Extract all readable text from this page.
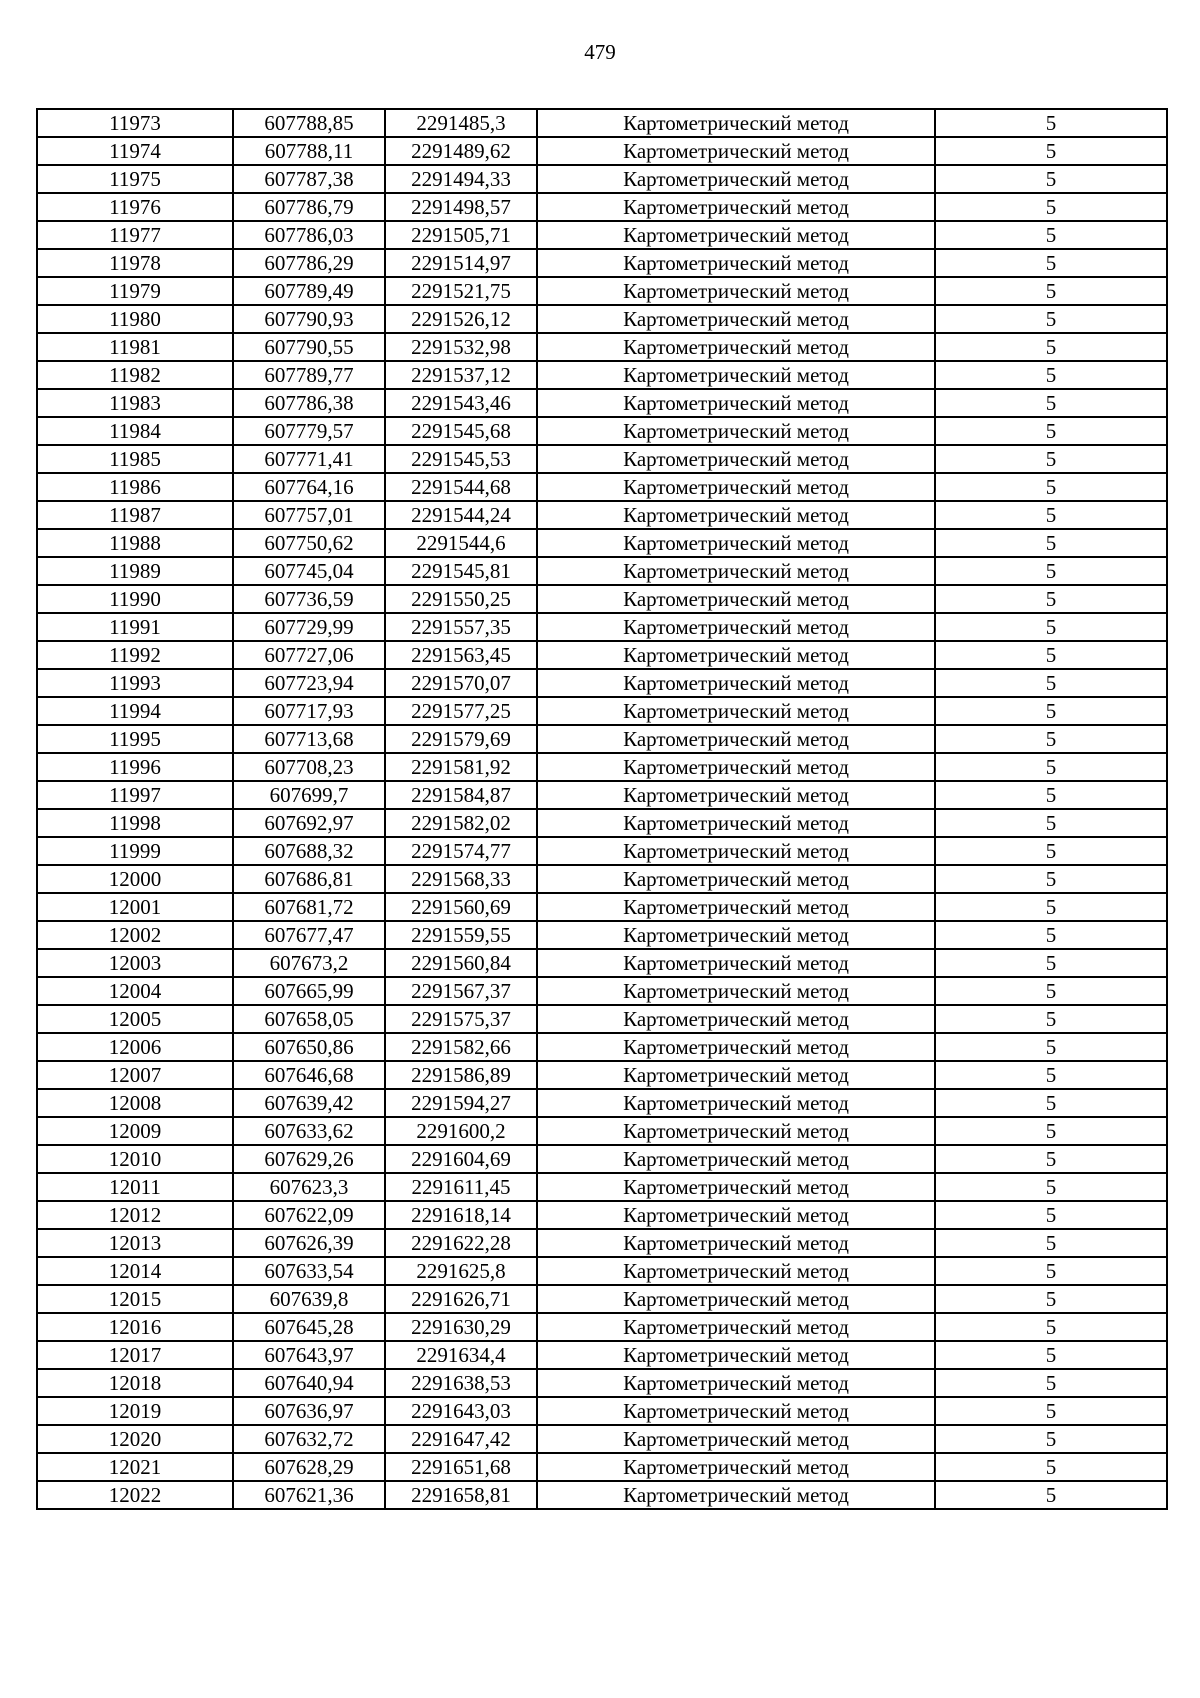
479
11973	607788,85	2291485,3	Картометрический метод	5
11974	607788,11	2291489,62	Картометрический метод	5
11975	607787,38	2291494,33	Картометрический метод	5
11976	607786,79	2291498,57	Картометрический метод	5
11977	607786,03	2291505,71	Картометрический метод	5
11978	607786,29	2291514,97	Картометрический метод	5
11979	607789,49	2291521,75	Картометрический метод	5
11980	607790,93	2291526,12	Картометрический метод	5
11981	607790,55	2291532,98	Картометрический метод	5
11982	607789,77	2291537,12	Картометрический метод	5
11983	607786,38	2291543,46	Картометрический метод	5
11984	607779,57	2291545,68	Картометрический метод	5
11985	607771,41	2291545,53	Картометрический метод	5
11986	607764,16	2291544,68	Картометрический метод	5
11987	607757,01	2291544,24	Картометрический метод	5
11988	607750,62	2291544,6	Картометрический метод	5
11989	607745,04	2291545,81	Картометрический метод	5
11990	607736,59	2291550,25	Картометрический метод	5
11991	607729,99	2291557,35	Картометрический метод	5
11992	607727,06	2291563,45	Картометрический метод	5
11993	607723,94	2291570,07	Картометрический метод	5
11994	607717,93	2291577,25	Картометрический метод	5
11995	607713,68	2291579,69	Картометрический метод	5
11996	607708,23	2291581,92	Картометрический метод	5
11997	607699,7	2291584,87	Картометрический метод	5
11998	607692,97	2291582,02	Картометрический метод	5
11999	607688,32	2291574,77	Картометрический метод	5
12000	607686,81	2291568,33	Картометрический метод	5
12001	607681,72	2291560,69	Картометрический метод	5
12002	607677,47	2291559,55	Картометрический метод	5
12003	607673,2	2291560,84	Картометрический метод	5
12004	607665,99	2291567,37	Картометрический метод	5
12005	607658,05	2291575,37	Картометрический метод	5
12006	607650,86	2291582,66	Картометрический метод	5
12007	607646,68	2291586,89	Картометрический метод	5
12008	607639,42	2291594,27	Картометрический метод	5
12009	607633,62	2291600,2	Картометрический метод	5
12010	607629,26	2291604,69	Картометрический метод	5
12011	607623,3	2291611,45	Картометрический метод	5
12012	607622,09	2291618,14	Картометрический метод	5
12013	607626,39	2291622,28	Картометрический метод	5
12014	607633,54	2291625,8	Картометрический метод	5
12015	607639,8	2291626,71	Картометрический метод	5
12016	607645,28	2291630,29	Картометрический метод	5
12017	607643,97	2291634,4	Картометрический метод	5
12018	607640,94	2291638,53	Картометрический метод	5
12019	607636,97	2291643,03	Картометрический метод	5
12020	607632,72	2291647,42	Картометрический метод	5
12021	607628,29	2291651,68	Картометрический метод	5
12022	607621,36	2291658,81	Картометрический метод	5
